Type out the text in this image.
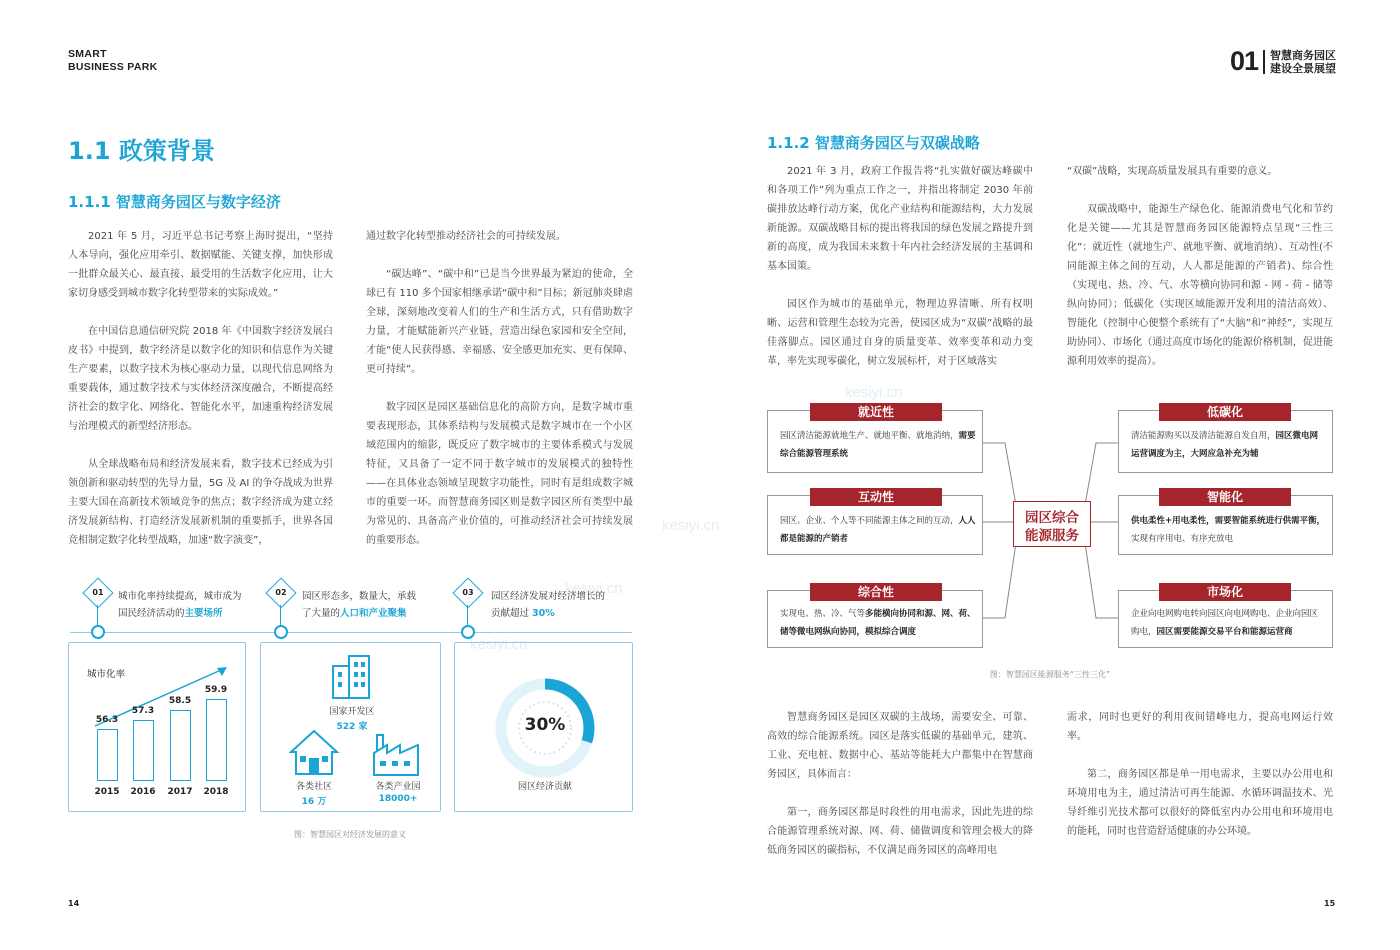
SMART
BUSINESS PARK	01 智慧商务园区
建设全景展望
kesiyi.cn
kesiyi.cn
kesiyi.cn
kesiyi.cn
1.1 政策背景
1.1.1 智慧商务园区与数字经济

2021 年 5 月，习近平总书记考察上海时提出，“坚持人本导向，强化应用牵引、数据赋能、关键支撑，加快形成一批群众最关心、最直接、最受用的生活数字化应用，让大家切身感受到城市数字化转型带来的实际成效。”

在中国信息通信研究院 2018 年《中国数字经济发展白皮书》中提到，数字经济是以数字化的知识和信息作为关键生产要素，以数字技术为核心驱动力量，以现代信息网络为重要载体，通过数字技术与实体经济深度融合，不断提高经济社会的数字化、网络化、智能化水平，加速重构经济发展与治理模式的新型经济形态。

从全球战略布局和经济发展来看，数字技术已经成为引领创新和驱动转型的先导力量，5G 及 AI 的争夺战成为世界主要大国在高新技术领域竞争的焦点；数字经济成为建立经济发展新结构、打造经济发展新机制的重要抓手，世界各国竞相制定数字化转型战略，加速“数字演变”，

通过数字化转型推动经济社会的可持续发展。

“碳达峰”、“碳中和”已是当今世界最为紧迫的使命，全球已有 110 多个国家相继承诺“碳中和”目标；新冠肺炎肆虐全球，深刻地改变着人们的生产和生活方式，只有借助数字力量，才能赋能新兴产业链，营造出绿色家园和安全空间，才能“使人民获得感、幸福感、安全感更加充实、更有保障、更可持续”。

数字园区是园区基础信息化的高阶方向，是数字城市重要表现形态，其体系结构与发展模式是数字城市在一个小区域范围内的缩影，既反应了数字城市的主要体系模式与发展特征，又具备了一定不同于数字城市的发展模式的独特性——在具体业态领域呈现数字功能性，同时有是组成数字城市的重要一环。而智慧商务园区则是数字园区所有类型中最为常见的、具备高产业价值的，可推动经济社会可持续发展的重要形态。

01	城市化率持续提高，城市成为
国民经济活动的主要场所
02	园区形态多，数量大，承载
了大量的人口和产业聚集
03	园区经济发展对经济增长的
贡献超过 30%
城市化率
56.3
2015
57.3
2016
58.5
2017
59.9
2018
国家开发区
522 家
各类社区
16 万
各类产业园
18000+
30%
园区经济贡献
图：智慧园区对经济发展的意义
14
1.1.2 智慧商务园区与双碳战略

2021 年 3 月，政府工作报告将“扎实做好碳达峰碳中和各项工作”列为重点工作之一，并指出将制定 2030 年前碳排放达峰行动方案，优化产业结构和能源结构，大力发展新能源。双碳战略目标的提出将我国的绿色发展之路提升到新的高度，成为我国未来数十年内社会经济发展的主基调和基本国策。

园区作为城市的基础单元，物理边界清晰、所有权明晰、运营和管理生态较为完善，使园区成为“双碳”战略的最佳落脚点。园区通过自身的质量变革、效率变革和动力变革，率先实现零碳化，树立发展标杆，对于区域落实

“双碳”战略，实现高质量发展具有重要的意义。

双碳战略中，能源生产绿色化、能源消费电气化和节约化是关键——尤其是智慧商务园区能源特点呈现“三性三化”：就近性（就地生产、就地平衡、就地消纳）、互动性(不同能源主体之间的互动，人人都是能源的产销者)、综合性（实现电、热、冷、气、水等横向协同和源 - 网 - 荷 - 储等纵向协同）；低碳化（实现区域能源开发利用的清洁高效）、智能化（控制中心便整个系统有了“大脑”和“神经”，实现互助协同）、市场化（通过高度市场化的能源价格机制，促进能源利用效率的提高）。

园区综合
能源服务
就近性
园区清洁能源就地生产、就地平衡、就地消纳，需要综合能源管理系统
互动性
园区、企业、个人等不同能源主体之间的互动，人人都是能源的产销者
综合性
实现电、热、冷、气等多能横向协同和源、网、荷、储等微电网纵向协同，模拟综合调度
低碳化
清洁能源购买以及清洁能源自发自用，园区微电网运营调度为主，大网应急补充为辅
智能化
供电柔性+用电柔性，需要智能系统进行供需平衡，实现有序用电、有序充放电
市场化
企业向电网购电转向园区向电网购电、企业向园区购电，园区需要能源交易平台和能源运营商
图：智慧园区能源服务“三性三化”

智慧商务园区是园区双碳的主战场，需要安全、可靠、高效的综合能源系统。园区是落实低碳的基础单元，建筑、工业、充电桩、数据中心、基站等能耗大户都集中在智慧商务园区，具体而言：

第一，商务园区都是时段性的用电需求，因此先进的综合能源管理系统对源、网、荷、储做调度和管理会极大的降低商务园区的碳指标，不仅满足商务园区的高峰用电

需求，同时也更好的利用夜间错峰电力，提高电网运行效率。

第二，商务园区都是单一用电需求，主要以办公用电和环境用电为主，通过清洁可再生能源、水循环调温技术、光导纤维引光技术都可以很好的降低室内办公用电和环境用电的能耗，同时也营造舒适健康的办公环境。

15
